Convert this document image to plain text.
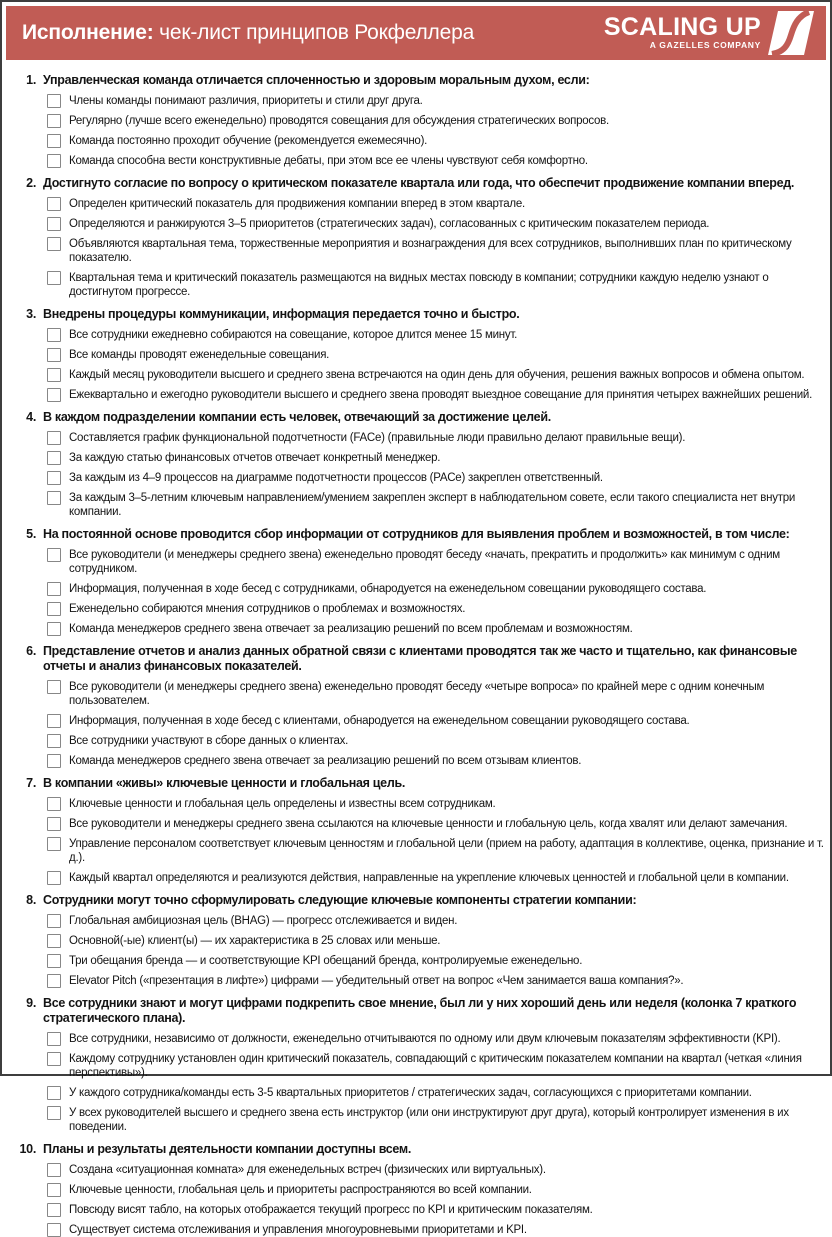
Исполнение: чек-лист принципов Рокфеллера	SCALING UP
A GAZELLES COMPANY
1. Управленческая команда отличается сплоченностью и здоровым моральным духом, если:
Члены команды понимают различия, приоритеты и стили друг друга.
Регулярно (лучше всего еженедельно) проводятся совещания для обсуждения стратегических вопросов.
Команда постоянно проходит обучение (рекомендуется ежемесячно).
Команда способна вести конструктивные дебаты, при этом все ее члены чувствуют себя комфортно.
2. Достигнуто согласие по вопросу о критическом показателе квартала или года, что обеспечит продвижение компании вперед.
Определен критический показатель для продвижения компании вперед в этом квартале.
Определяются и ранжируются 3–5 приоритетов (стратегических задач), согласованных с критическим показателем периода.
Объявляются квартальная тема, торжественные мероприятия и вознаграждения для всех сотрудников, выполнивших план по критическому показателю.
Квартальная тема и критический показатель размещаются на видных местах повсюду в компании; сотрудники каждую неделю узнают о достигнутом прогрессе.
3. Внедрены процедуры коммуникации, информация передается точно и быстро.
Все сотрудники ежедневно собираются на совещание, которое длится менее 15 минут.
Все команды проводят еженедельные совещания.
Каждый месяц руководители высшего и среднего звена встречаются на один день для обучения, решения важных вопросов и обмена опытом.
Ежеквартально и ежегодно руководители высшего и среднего звена проводят выездное совещание для принятия четырех важнейших решений.
4. В каждом подразделении компании есть человек, отвечающий за достижение целей.
Составляется график функциональной подотчетности (FACe) (правильные люди правильно делают правильные вещи).
За каждую статью финансовых отчетов отвечает конкретный менеджер.
За каждым из 4–9 процессов на диаграмме подотчетности процессов (PACe) закреплен ответственный.
За каждым 3–5-летним ключевым направлением/умением закреплен эксперт в наблюдательном совете, если такого специалиста нет внутри компании.
5. На постоянной основе проводится сбор информации от сотрудников для выявления проблем и возможностей, в том числе:
Все руководители (и менеджеры среднего звена) еженедельно проводят беседу «начать, прекратить и продолжить» как минимум с одним сотрудником.
Информация, полученная в ходе бесед с сотрудниками, обнародуется на еженедельном совещании руководящего состава.
Еженедельно собираются мнения сотрудников о проблемах и возможностях.
Команда менеджеров среднего звена отвечает за реализацию решений по всем проблемам и возможностям.
6. Представление отчетов и анализ данных обратной связи с клиентами проводятся так же часто и тщательно, как финансовые отчеты и анализ финансовых показателей.
Все руководители (и менеджеры среднего звена) еженедельно проводят беседу «четыре вопроса» по крайней мере с одним конечным пользователем.
Информация, полученная в ходе бесед с клиентами, обнародуется на еженедельном совещании руководящего состава.
Все сотрудники участвуют в сборе данных о клиентах.
Команда менеджеров среднего звена отвечает за реализацию решений по всем отзывам клиентов.
7. В компании «живы» ключевые ценности и глобальная цель.
Ключевые ценности и глобальная цель определены и известны всем сотрудникам.
Все руководители и менеджеры среднего звена ссылаются на ключевые ценности и глобальную цель, когда хвалят или делают замечания.
Управление персоналом соответствует ключевым ценностям и глобальной цели (прием на работу, адаптация в коллективе, оценка, признание и т. д.).
Каждый квартал определяются и реализуются действия, направленные на укрепление ключевых ценностей и глобальной цели в компании.
8. Сотрудники могут точно сформулировать следующие ключевые компоненты стратегии компании:
Глобальная амбициозная цель (BHAG) — прогресс отслеживается и виден.
Основной(-ые) клиент(ы) — их характеристика в 25 словах или меньше.
Три обещания бренда — и соответствующие KPI обещаний бренда, контролируемые еженедельно.
Elevator Pitch («презентация в лифте») цифрами — убедительный ответ на вопрос «Чем занимается ваша компания?».
9. Все сотрудники знают и могут цифрами подкрепить свое мнение, был ли у них хороший день или неделя (колонка 7 краткого стратегического плана).
Все сотрудники, независимо от должности, еженедельно отчитываются по одному или двум ключевым показателям эффективности (KPI).
Каждому сотруднику установлен один критический показатель, совпадающий с критическим показателем компании на квартал (четкая «линия перспективы»).
У каждого сотрудника/команды есть 3-5 квартальных приоритетов / стратегических задач, согласующихся с приоритетами компании.
У всех руководителей высшего и среднего звена есть инструктор (или они инструктируют друг друга), который контролирует изменения в их поведении.
10. Планы и результаты деятельности компании доступны всем.
Создана «ситуационная комната» для еженедельных встреч (физических или виртуальных).
Ключевые ценности, глобальная цель и приоритеты распространяются во всей компании.
Повсюду висят табло, на которых отображается текущий прогресс по KPI и критическим показателям.
Существует система отслеживания и управления многоуровневыми приоритетами и KPI.
